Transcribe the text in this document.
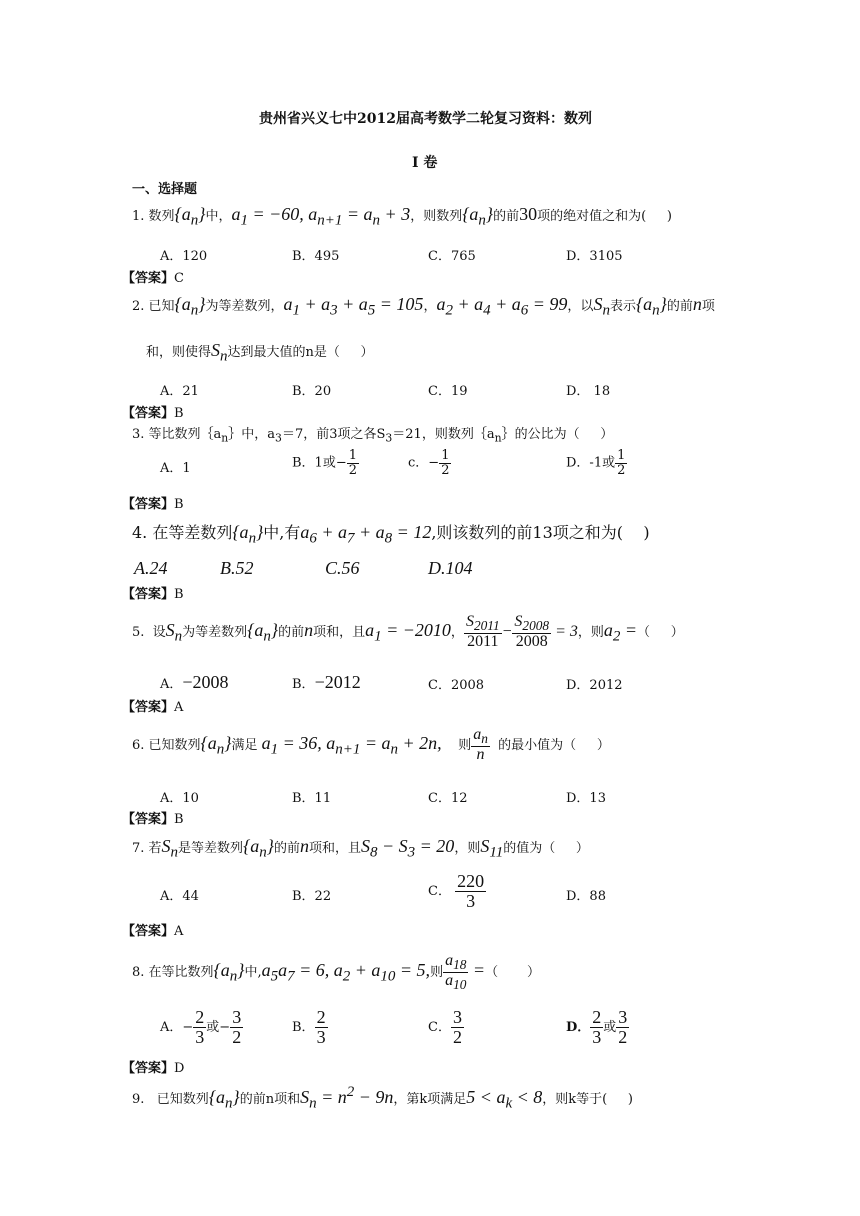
贵州省兴义七中2012届高考数学二轮复习资料：数列
I 卷
一、选择题
1. 数列$\{a_n\}$中，$a_1 = -60$, $a_{n+1} = a_n + 3$，则数列$\{a_n\}$的前30项的绝对值之和为(     )
A．120	B．495	C．765	D．3105
【答案】C
2. 已知$\{a_n\}$为等差数列，$a_1 + a_3 + a_5 = 105$，$a_2 + a_4 + a_6 = 99$，以$S_n$表示$\{a_n\}$的前n项
和，则使得$S_n$达到最大值的n是（     ）
A．21	B．20	C．19	D． 18
【答案】B
3. 等比数列$\{a_n\}$中，$a_3=7$，前3项之各$S_3=21$，则数列$\{a_n\}$的公比为（     ）
A．1	B．1或− $\frac{1}{2}$	c．− $\frac{1}{2}$	D．-1或 $\frac{1}{2}$
【答案】B
4. 在等差数列$\{a_n\}$中,有$a_6 + a_7 + a_8 = 12$,则该数列的前13项之和为(    )
A.24	B.52	C.56	D.104
【答案】B
5.  设$S_n$为等差数列$\{a_n\}$的前n项和，且$a_1 = -2010$， $\frac{S_{2011}}{2011} - \frac{S_{2008}}{2008} = 3$，则$a_2$ =（     ）
A．−2008	B．−2012	C．2008	D．2012
【答案】A
6. 已知数列$\{a_n\}$满足 $a_1 = 36$, $a_{n+1} = a_n + 2n$,    则 $\frac{a_n}{n}$ 的最小值为（     ）
A．10	B．11	C．12	D．13
【答案】B
7. 若$S_n$是等差数列$\{a_n\}$的前n项和，且$S_8 - S_3 = 20$，则$S_{11}$的值为（     ）
A．44	B．22	C． $\frac{220}{3}$	D．88
【答案】A
8. 在等比数列$\{a_n\}$中$,a_5a_7 = 6$, $a_2 + a_{10} = 5$,则 $\frac{a_{18}}{a_{10}}$ =（       ）
A．− $\frac{2}{3}$ 或− $\frac{3}{2}$	B． $\frac{2}{3}$	C． $\frac{3}{2}$	D． $\frac{2}{3}$ 或 $\frac{3}{2}$
【答案】D
9.   已知数列$\{a_n\}$的前n项和$S_n = n^2 - 9n$，第k项满足$5 < a_k < 8$，则k等于(     )
